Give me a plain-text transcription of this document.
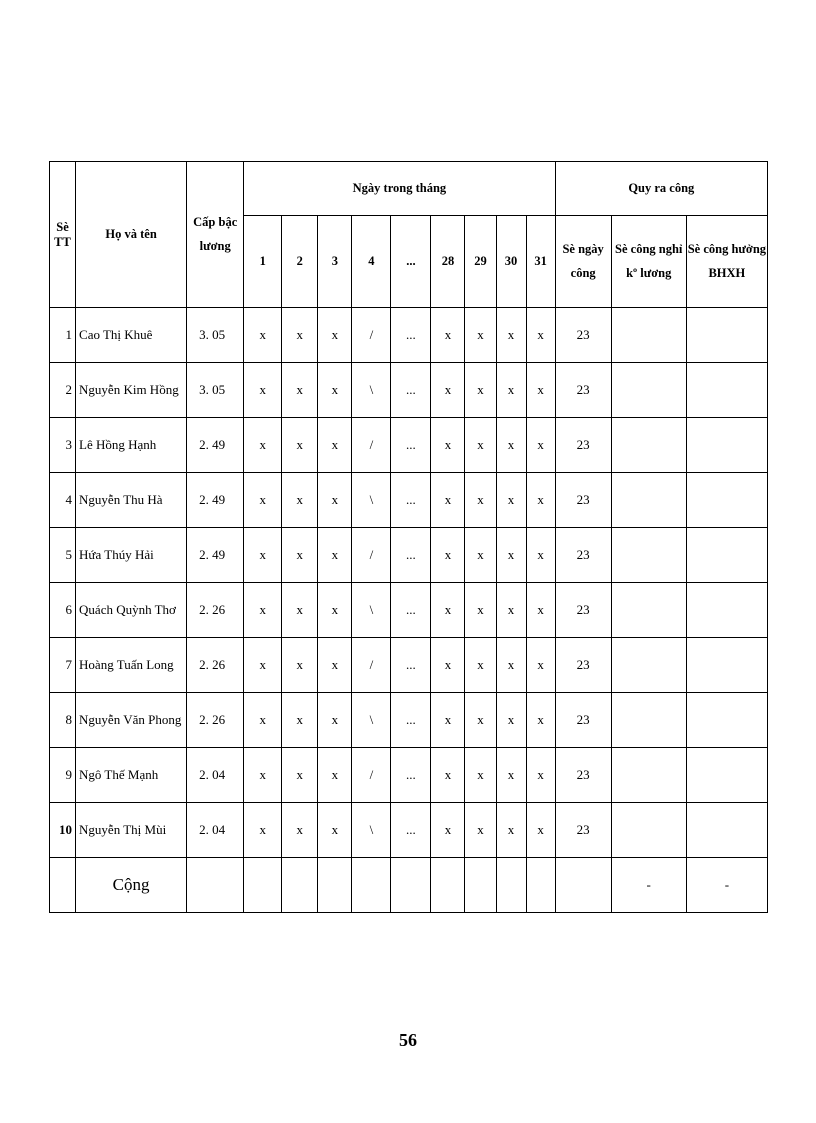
Sè TT	Họ và tên	Cấp bậc lương	Ngày trong tháng									Quy ra công		
			1	2	3	4	...	28	29	30	31	Sè ngày công	Sè công nghỉ kº lương	Sè công hưởng BHXH
1	Cao Thị Khuê	3. 05	x	x	x	/	...	x	x	x	x	23		
2	Nguyễn Kim Hồng	3. 05	x	x	x	\	...	x	x	x	x	23		
3	Lê Hồng Hạnh	2. 49	x	x	x	/	...	x	x	x	x	23		
4	Nguyễn Thu Hà	2. 49	x	x	x	\	...	x	x	x	x	23		
5	Hứa Thúy Hải	2. 49	x	x	x	/	...	x	x	x	x	23		
6	Quách Quỳnh Thơ	2. 26	x	x	x	\	...	x	x	x	x	23		
7	Hoàng Tuấn Long	2. 26	x	x	x	/	...	x	x	x	x	23		
8	Nguyễn Văn Phong	2. 26	x	x	x	\	...	x	x	x	x	23		
9	Ngô Thế Mạnh	2. 04	x	x	x	/	...	x	x	x	x	23		
10	Nguyễn Thị Mùi	2. 04	x	x	x	\	...	x	x	x	x	23		
	Cộng												-	-
56
